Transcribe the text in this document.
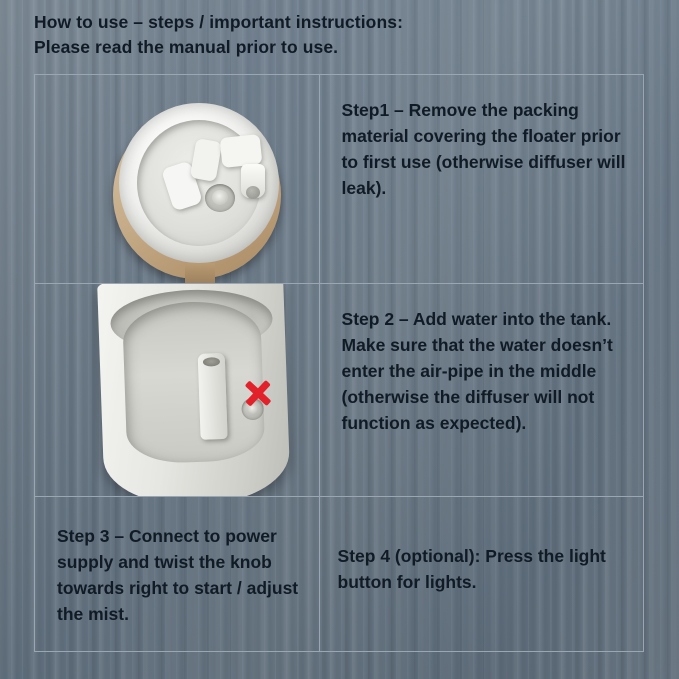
How to use – steps / important instructions:
Please read the manual prior to use.
Step1 – Remove the packing material covering the floater prior to first use (otherwise diffuser will leak).
Step 2 – Add water into the tank. Make sure that the water doesn’t enter the air-pipe in the middle (otherwise the diffuser will not function as expected).
Step 3 – Connect to power supply and twist the knob towards right to start / adjust the mist.
Step 4 (optional): Press the light button for lights.
